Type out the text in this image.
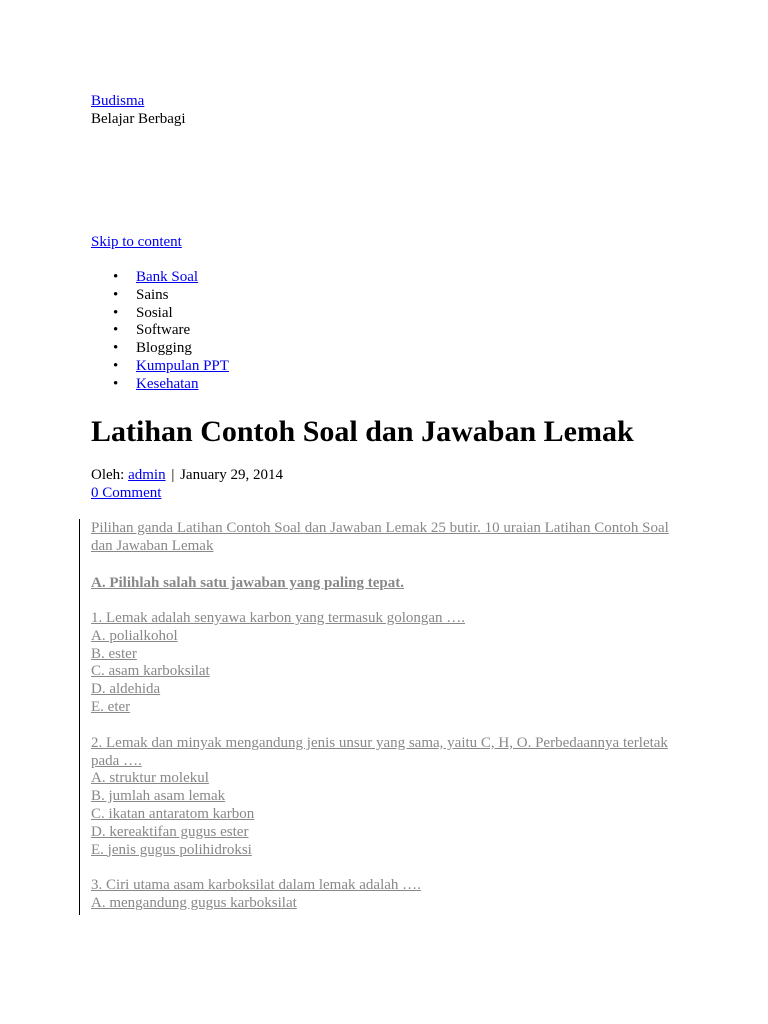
Budisma
Belajar Berbagi
Skip to content
• Bank Soal
• Sains
• Sosial
• Software
• Blogging
• Kumpulan PPT
• Kesehatan
Latihan Contoh Soal dan Jawaban Lemak
Oleh: admin | January 29, 2014
0 Comment

Pilihan ganda Latihan Contoh Soal dan Jawaban Lemak 25 butir. 10 uraian Latihan Contoh Soal dan Jawaban Lemak

A. Pilihlah salah satu jawaban yang paling tepat.
1. Lemak adalah senyawa karbon yang termasuk golongan ….
A. polialkohol
B. ester
C. asam karboksilat
D. aldehida
E. eter
2. Lemak dan minyak mengandung jenis unsur yang sama, yaitu C, H, O. Perbedaannya terletak pada ….
A. struktur molekul
B. jumlah asam lemak
C. ikatan antaratom karbon
D. kereaktifan gugus ester
E. jenis gugus polihidroksi
3. Ciri utama asam karboksilat dalam lemak adalah ….
A. mengandung gugus karboksilat
